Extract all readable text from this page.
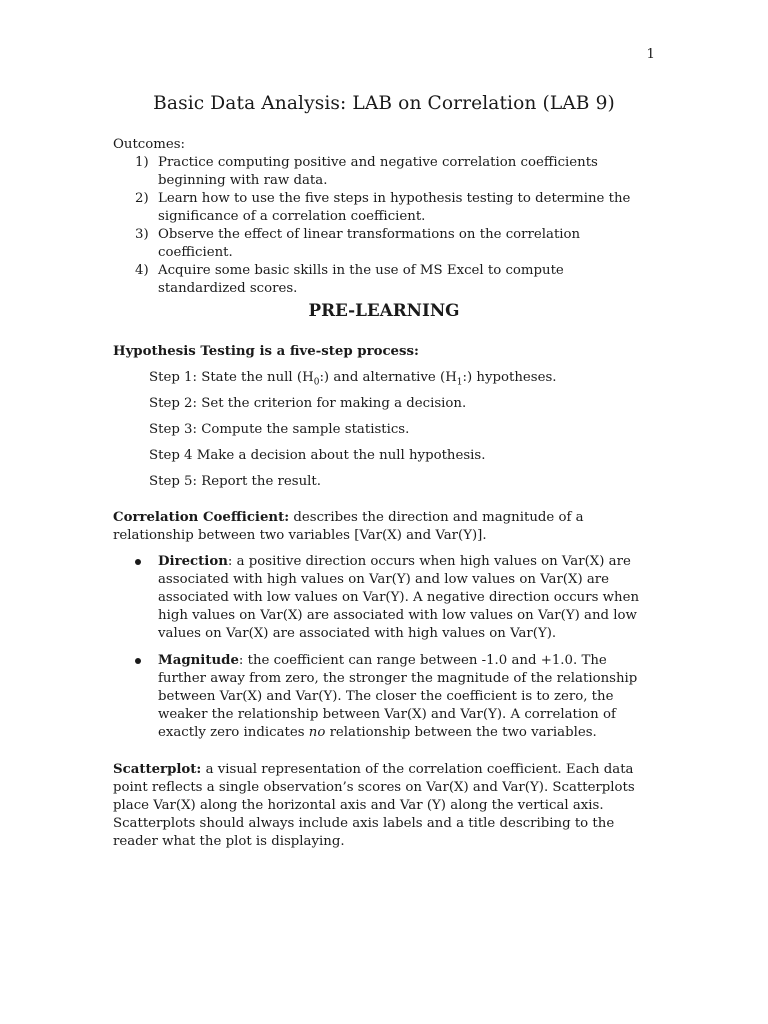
1
Basic Data Analysis: LAB on Correlation (LAB 9)
Outcomes:
1) Practice computing positive and negative correlation coefficients beginning with raw data.
2) Learn how to use the five steps in hypothesis testing to determine the significance of a correlation coefficient.
3) Observe the effect of linear transformations on the correlation coefficient.
4) Acquire some basic skills in the use of MS Excel to compute standardized scores.
PRE-LEARNING
Hypothesis Testing is a five-step process:
Step 1: State the null $(H_0:)$ and alternative $(H_1:)$ hypotheses.
Step 2: Set the criterion for making a decision.
Step 3: Compute the sample statistics.
Step 4 Make a decision about the null hypothesis.
Step 5: Report the result.
Correlation Coefficient: describes the direction and magnitude of a relationship between two variables [Var(X) and Var(Y)].
Direction: a positive direction occurs when high values on Var(X) are associated with high values on Var(Y) and low values on Var(X) are associated with low values on Var(Y). A negative direction occurs when high values on Var(X) are associated with low values on Var(Y) and low values on Var(X) are associated with high values on Var(Y).
Magnitude: the coefficient can range between -1.0 and +1.0. The further away from zero, the stronger the magnitude of the relationship between Var(X) and Var(Y). The closer the coefficient is to zero, the weaker the relationship between Var(X) and Var(Y). A correlation of exactly zero indicates no relationship between the two variables.
Scatterplot: a visual representation of the correlation coefficient. Each data point reflects a single observation’s scores on Var(X) and Var(Y). Scatterplots place Var(X) along the horizontal axis and Var (Y) along the vertical axis. Scatterplots should always include axis labels and a title describing to the reader what the plot is displaying.
